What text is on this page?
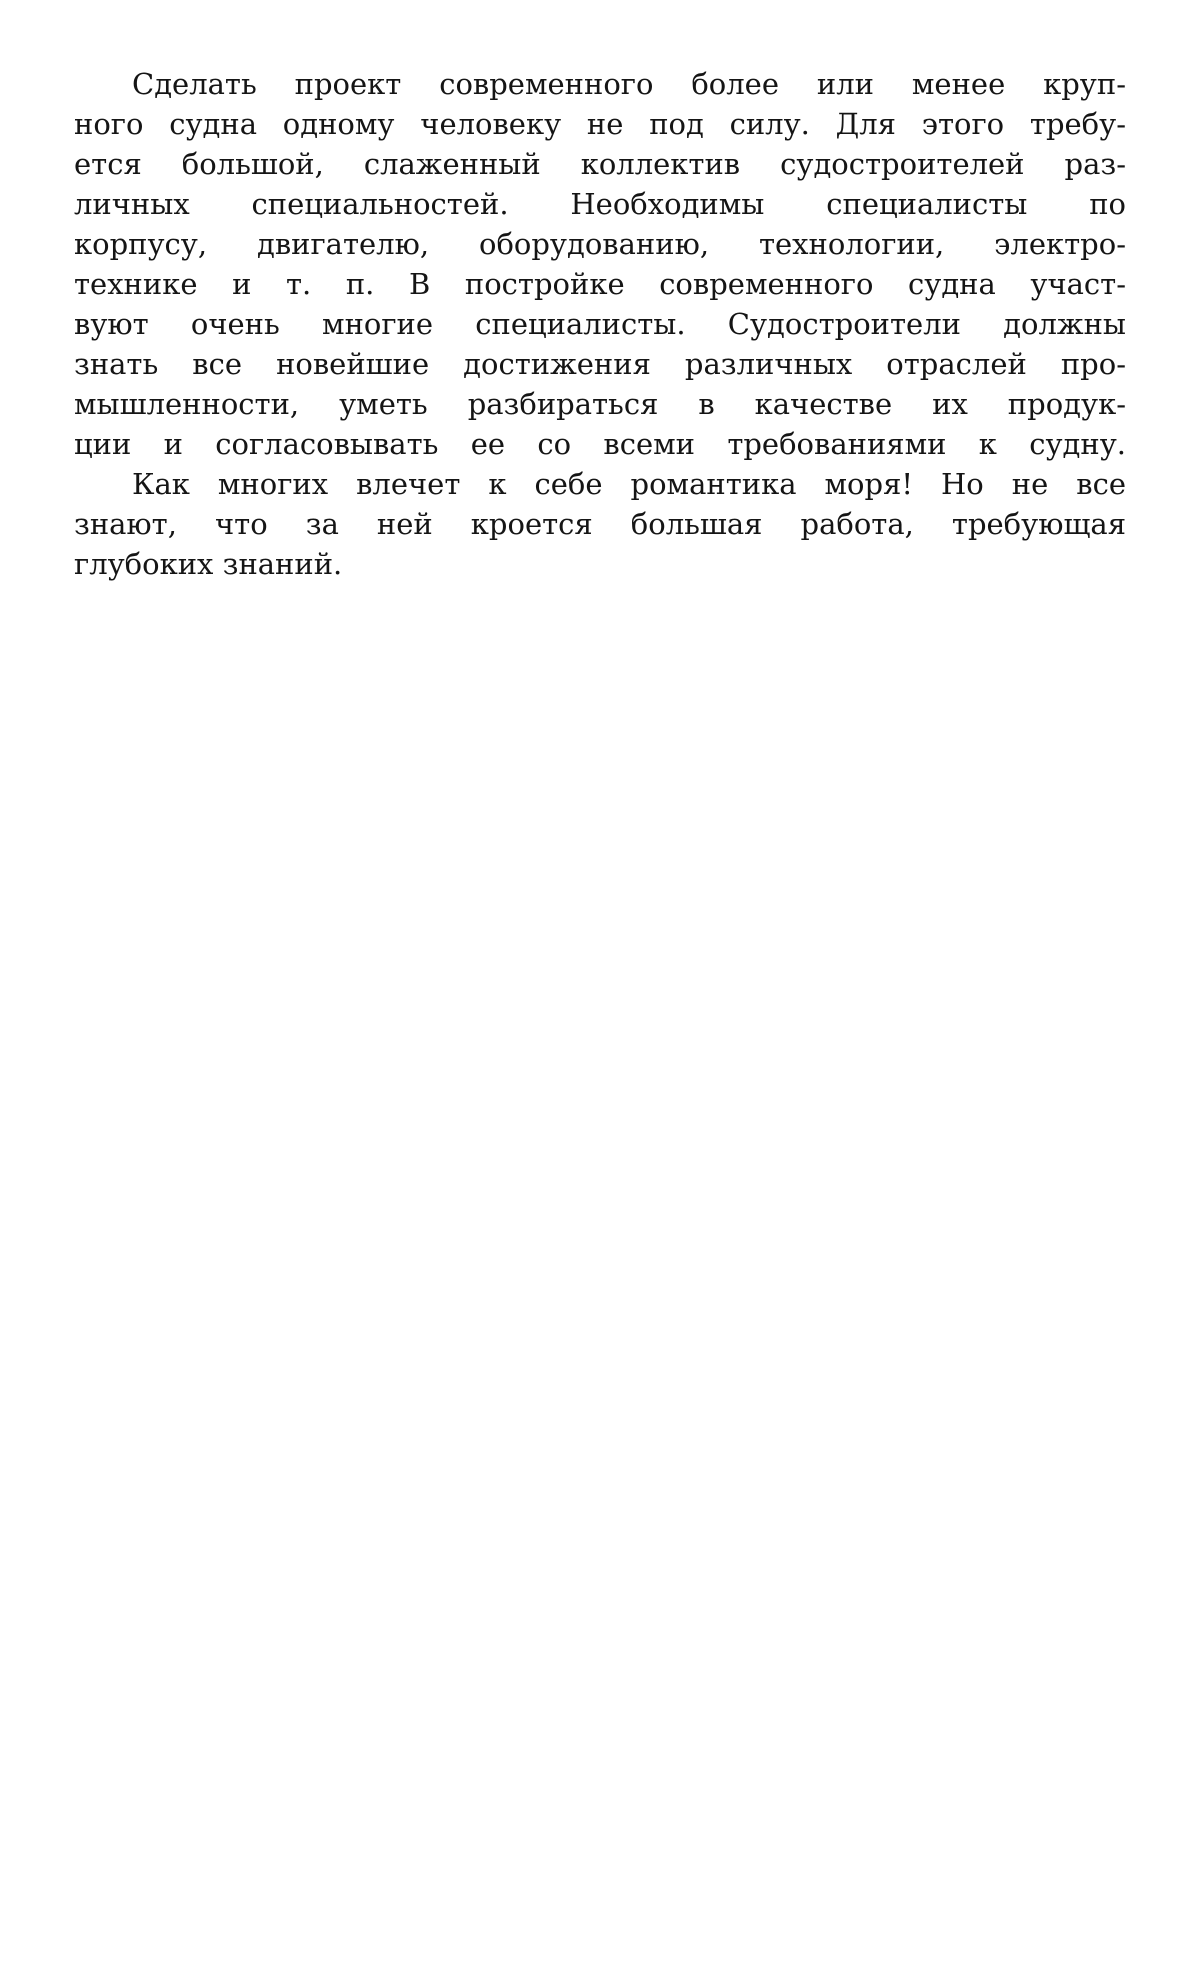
Сделать проект современного более или менее круп-
ного судна одному человеку не под силу. Для этого требу-
ется большой, слаженный коллектив судостроителей раз-
личных специальностей. Необходимы специалисты по
корпусу, двигателю, оборудованию, технологии, электро-
технике и т. п. В постройке современного судна участ-
вуют очень многие специалисты. Судостроители должны
знать все новейшие достижения различных отраслей про-
мышленности, уметь разбираться в качестве их продук-
ции и согласовывать ее со всеми требованиями к судну.
Как многих влечет к себе романтика моря! Но не все
знают, что за ней кроется большая работа, требующая
глубоких знаний.
